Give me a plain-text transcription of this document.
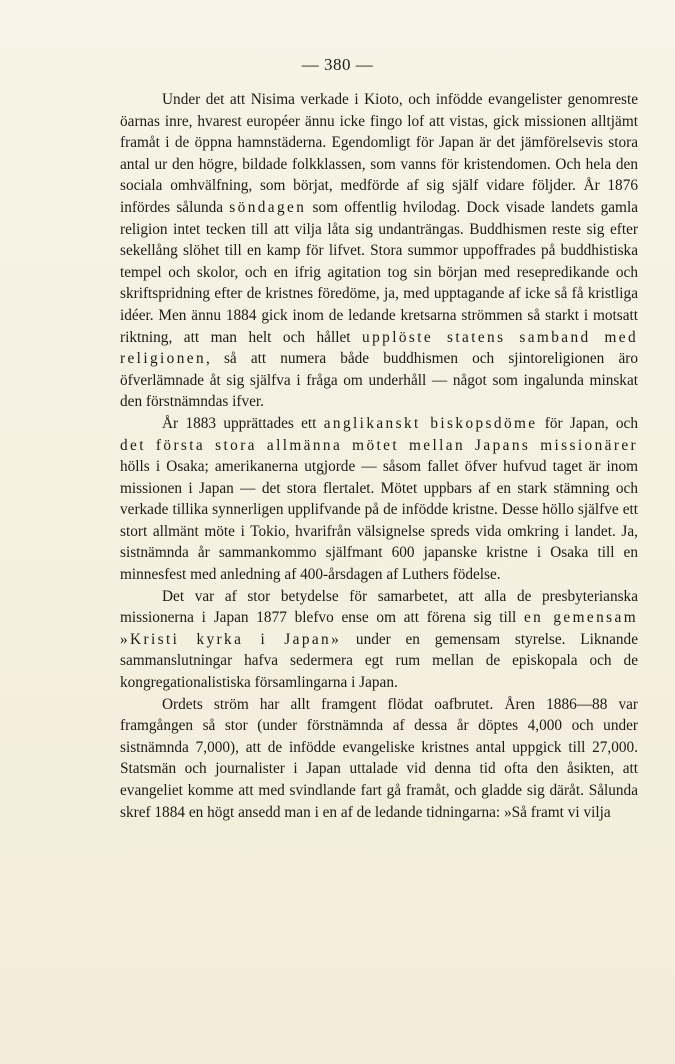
— 380 —

Under det att Nisima verkade i Kioto, och infödde evangelister genomreste öarnas inre, hvarest européer ännu icke fingo lof att vistas, gick missionen alltjämt framåt i de öppna hamnstäderna. Egendomligt för Japan är det jämförelsevis stora antal ur den högre, bildade folkklassen, som vanns för kristendomen. Och hela den sociala omhvälfning, som börjat, medförde af sig själf vidare följder. År 1876 infördes sålunda söndagen som offentlig hvilodag. Dock visade landets gamla religion intet tecken till att vilja låta sig undanträngas. Buddhismen reste sig efter sekellång slöhet till en kamp för lifvet. Stora summor uppoffrades på buddhistiska tempel och skolor, och en ifrig agitation tog sin början med resepredikande och skriftspridning efter de kristnes föredöme, ja, med upptagande af icke så få kristliga idéer. Men ännu 1884 gick inom de ledande kretsarna strömmen så starkt i motsatt riktning, att man helt och hållet upplöste statens samband med religionen, så att numera både buddhismen och sjintoreligionen äro öfverlämnade åt sig själfva i fråga om underhåll — något som ingalunda minskat den förstnämndas ifver.

År 1883 upprättades ett anglikanskt biskopsdöme för Japan, och det första stora allmänna mötet mellan Japans missionärer hölls i Osaka; amerikanerna utgjorde — såsom fallet öfver hufvud taget är inom missionen i Japan — det stora flertalet. Mötet uppbars af en stark stämning och verkade tillika synnerligen upplifvande på de infödde kristne. Desse höllo själfve ett stort allmänt möte i Tokio, hvarifrån välsignelse spreds vida omkring i landet. Ja, sistnämnda år sammankommo själfmant 600 japanske kristne i Osaka till en minnesfest med anledning af 400-årsdagen af Luthers födelse.

Det var af stor betydelse för samarbetet, att alla de presbyterianska missionerna i Japan 1877 blefvo ense om att förena sig till en gemensam »Kristi kyrka i Japan» under en gemensam styrelse. Liknande sammanslutningar hafva sedermera egt rum mellan de episkopala och de kongregationalistiska församlingarna i Japan.

Ordets ström har allt framgent flödat oafbrutet. Åren 1886—88 var framgången så stor (under förstnämnda af dessa år döptes 4,000 och under sistnämnda 7,000), att de infödde evangeliske kristnes antal uppgick till 27,000. Statsmän och journalister i Japan uttalade vid denna tid ofta den åsikten, att evangeliet komme att med svindlande fart gå framåt, och gladde sig däråt. Sålunda skref 1884 en högt ansedd man i en af de ledande tidningarna: »Så framt vi vilja
